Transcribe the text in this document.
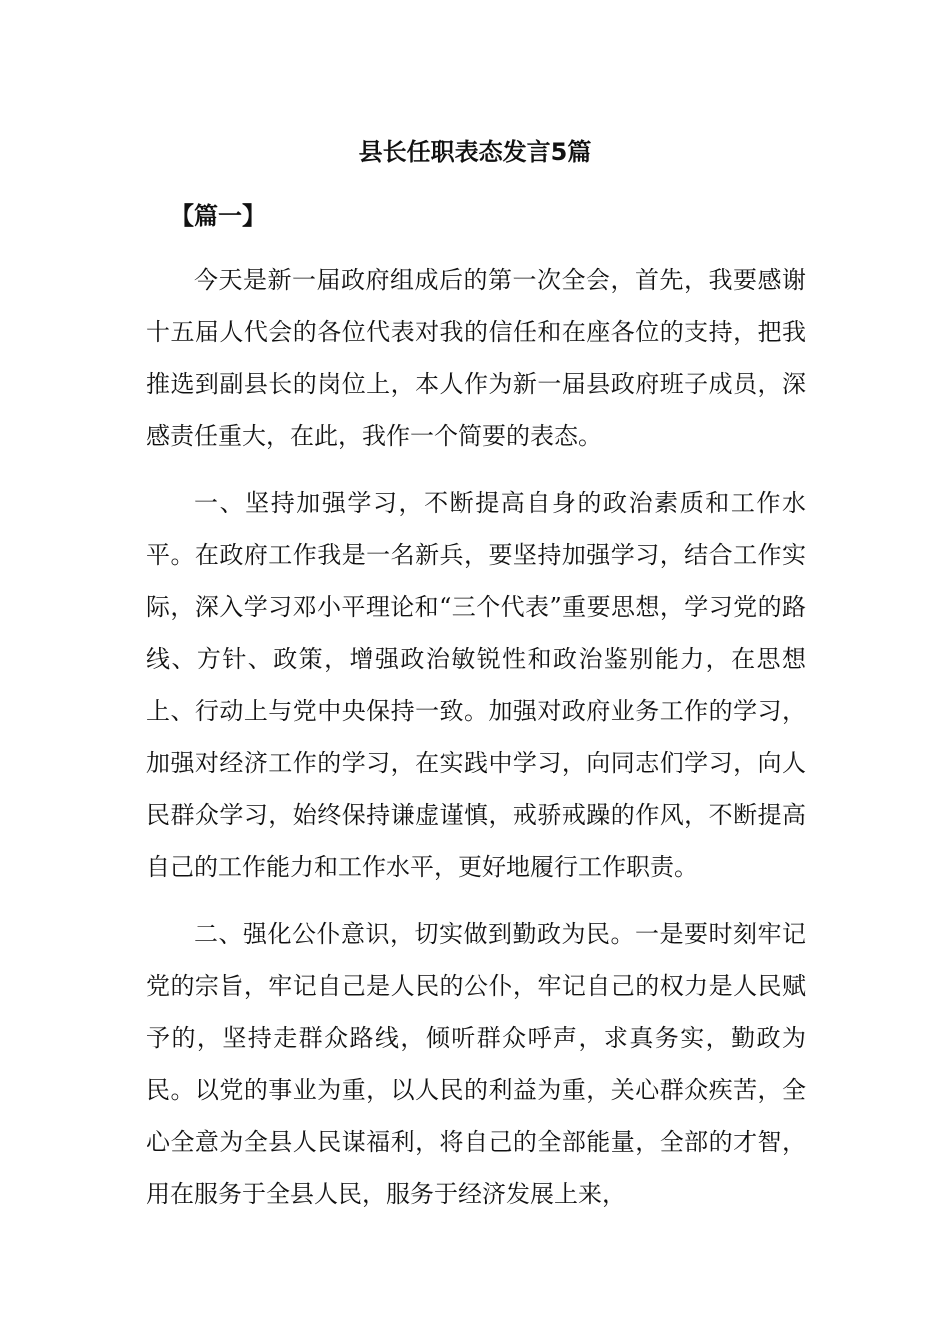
县长任职表态发言5篇
【篇一】

今天是新一届政府组成后的第一次全会，首先，我要感谢十五届人代会的各位代表对我的信任和在座各位的支持，把我推选到副县长的岗位上，本人作为新一届县政府班子成员，深感责任重大，在此，我作一个简要的表态。

一、坚持加强学习，不断提高自身的政治素质和工作水平。在政府工作我是一名新兵，要坚持加强学习，结合工作实际，深入学习邓小平理论和“三个代表”重要思想，学习党的路线、方针、政策，增强政治敏锐性和政治鉴别能力，在思想上、行动上与党中央保持一致。加强对政府业务工作的学习，加强对经济工作的学习，在实践中学习，向同志们学习，向人民群众学习，始终保持谦虚谨慎，戒骄戒躁的作风，不断提高自己的工作能力和工作水平，更好地履行工作职责。

二、强化公仆意识，切实做到勤政为民。一是要时刻牢记党的宗旨，牢记自己是人民的公仆，牢记自己的权力是人民赋予的，坚持走群众路线，倾听群众呼声，求真务实，勤政为民。以党的事业为重，以人民的利益为重，关心群众疾苦，全心全意为全县人民谋福利，将自己的全部能量，全部的才智，用在服务于全县人民，服务于经济发展上来，
